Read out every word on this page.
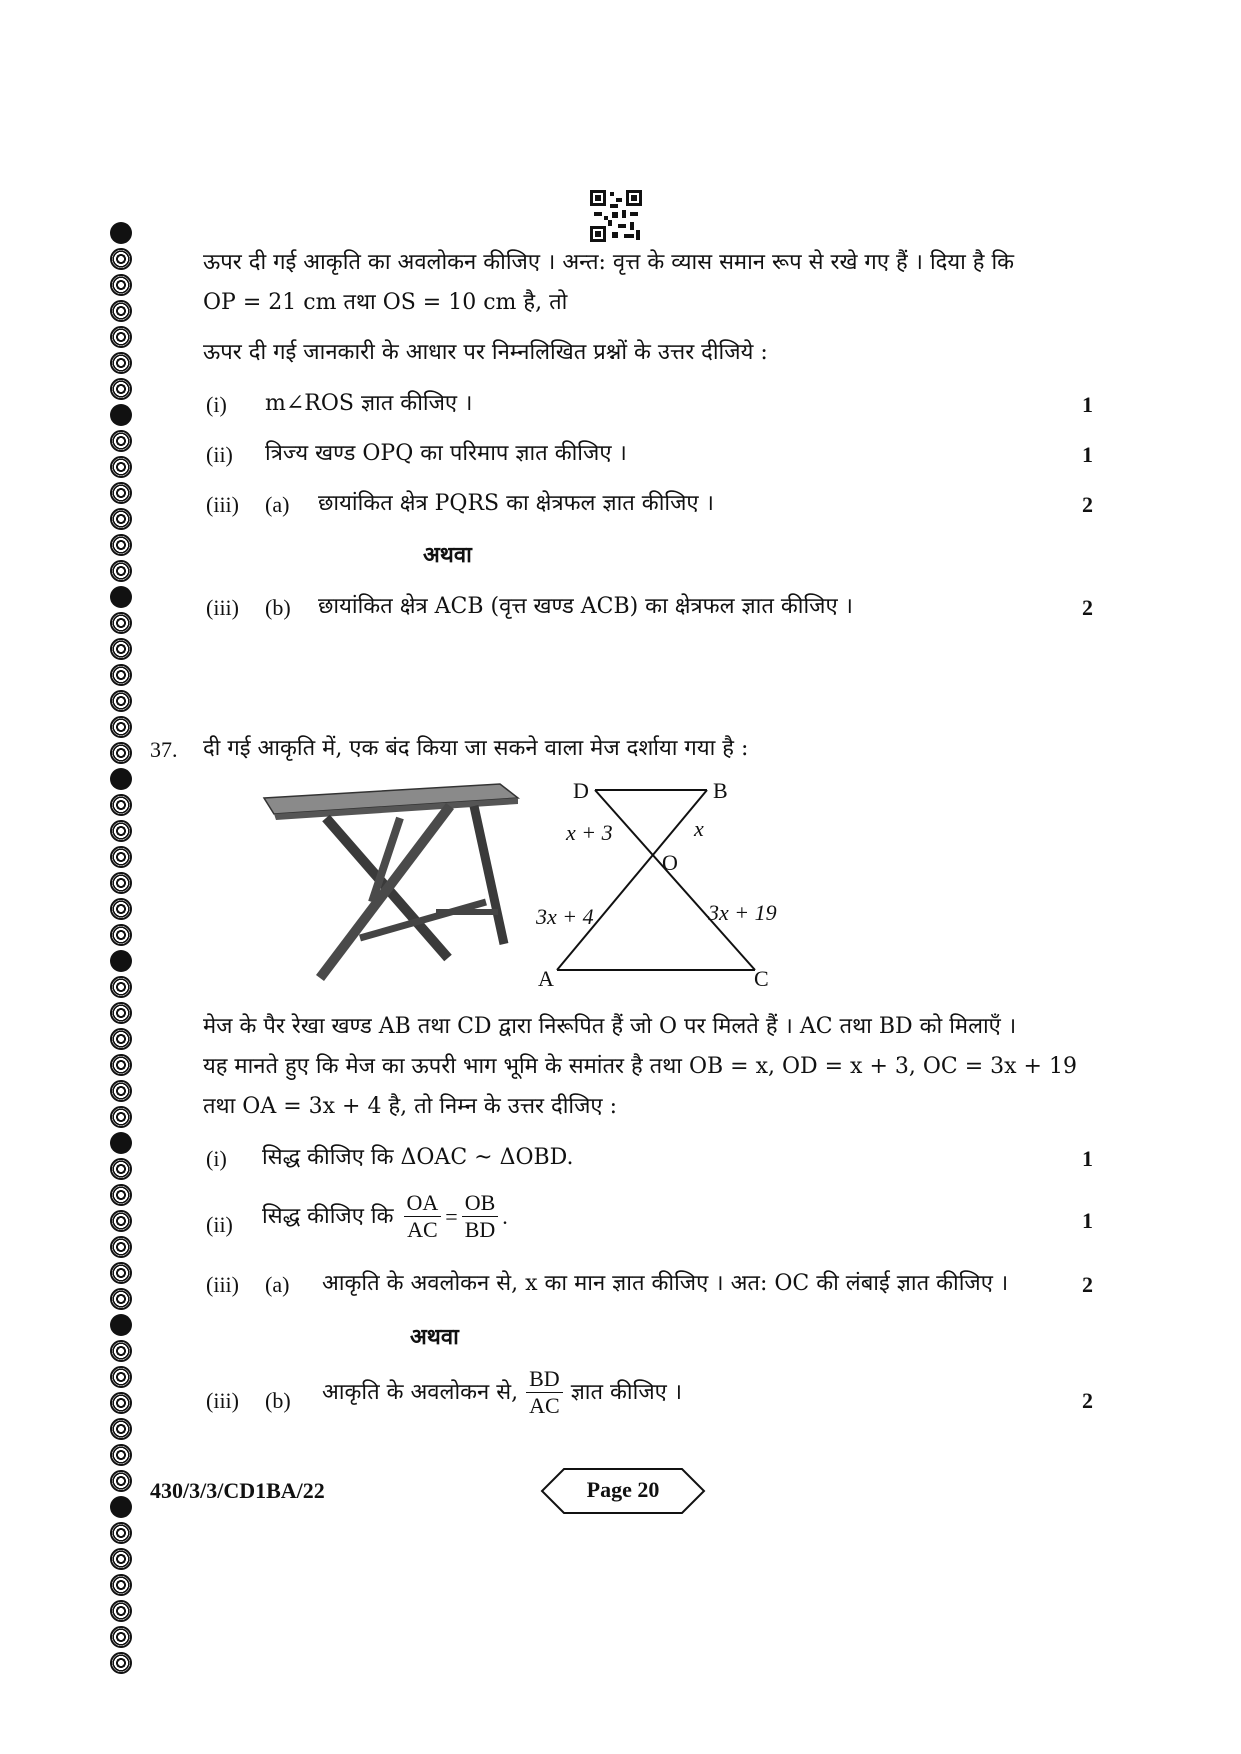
ऊपर दी गई आकृति का अवलोकन कीजिए । अन्त: वृत्त के व्यास समान रूप से रखे गए हैं । दिया है कि
OP = 21 cm तथा OS = 10 cm है, तो
ऊपर दी गई जानकारी के आधार पर निम्नलिखित प्रश्नों के उत्तर दीजिये :
(i) m∠ROS ज्ञात कीजिए ।	1
(ii) त्रिज्य खण्ड OPQ का परिमाप ज्ञात कीजिए ।	1
(iii) (a) छायांकित क्षेत्र PQRS का क्षेत्रफल ज्ञात कीजिए ।	2
अथवा
(iii) (b) छायांकित क्षेत्र ACB (वृत्त खण्ड ACB) का क्षेत्रफल ज्ञात कीजिए ।	2
37. दी गई आकृति में, एक बंद किया जा सकने वाला मेज दर्शाया गया है :
D	B
O
A	C
x + 3	x
3x + 4	3x + 19
मेज के पैर रेखा खण्ड AB तथा CD द्वारा निरूपित हैं जो O पर मिलते हैं । AC तथा BD को मिलाएँ ।
यह मानते हुए कि मेज का ऊपरी भाग भूमि के समांतर है तथा OB = x, OD = x + 3, OC = 3x + 19
तथा OA = 3x + 4 है, तो निम्न के उत्तर दीजिए :
(i) सिद्ध कीजिए कि ΔOAC ~ ΔOBD.	1
(ii) सिद्ध कीजिए कि $\frac{OA}{AC} = \frac{OB}{BD}$ .	1
(iii) (a) आकृति के अवलोकन से, x का मान ज्ञात कीजिए । अत: OC की लंबाई ज्ञात कीजिए ।	2
अथवा
(iii) (b) आकृति के अवलोकन से, $\frac{BD}{AC}$ ज्ञात कीजिए ।	2
430/3/3/CD1BA/22	Page 20
